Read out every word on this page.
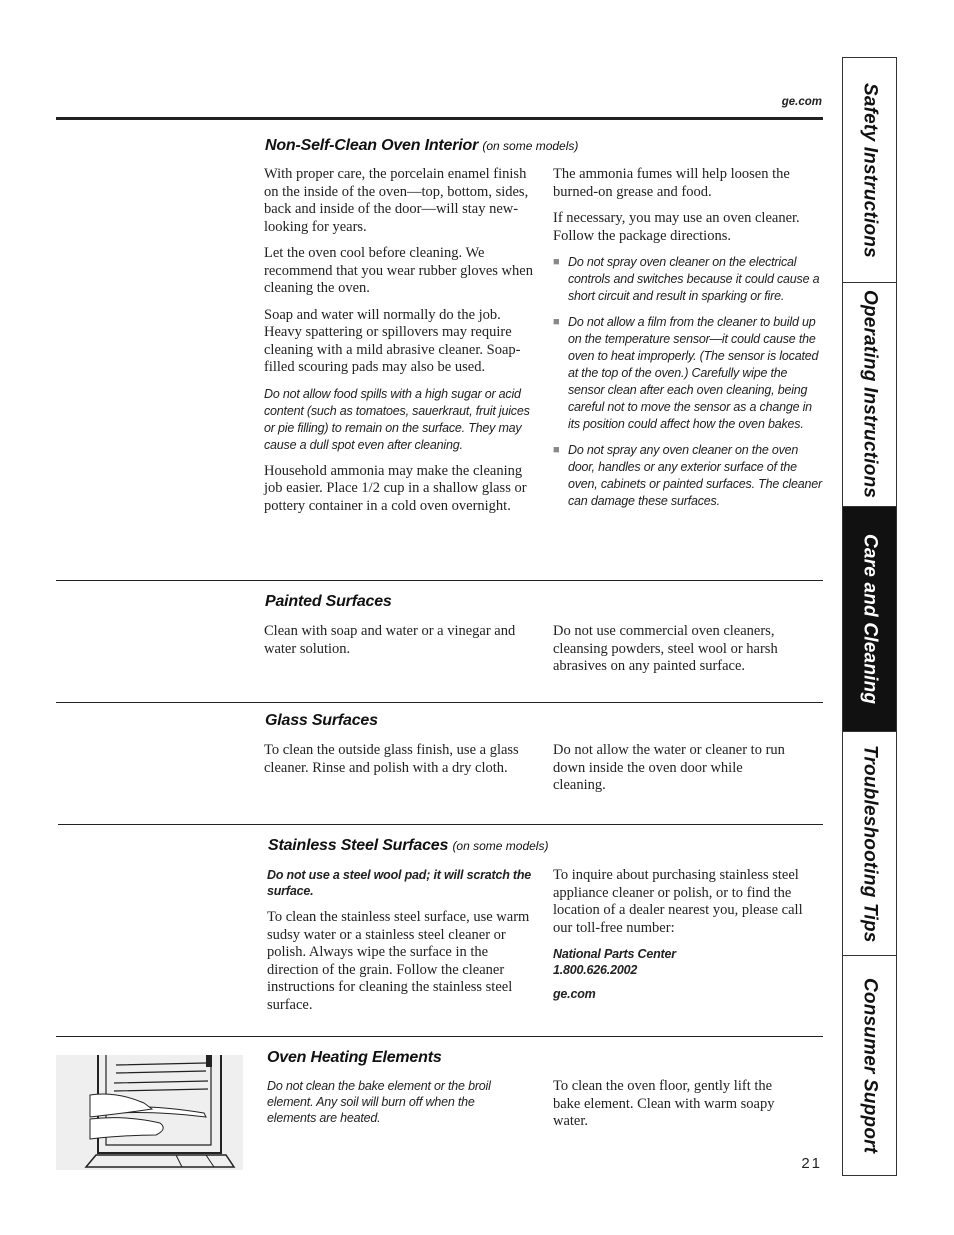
ge.com
Non-Self-Clean Oven Interior (on some models)

With proper care, the porcelain enamel finish on the inside of the oven—top, bottom, sides, back and inside of the door—will stay new-looking for years.

Let the oven cool before cleaning. We recommend that you wear rubber gloves when cleaning the oven.

Soap and water will normally do the job. Heavy spattering or spillovers may require cleaning with a mild abrasive cleaner. Soap-filled scouring pads may also be used.

Do not allow food spills with a high sugar or acid content (such as tomatoes, sauerkraut, fruit juices or pie filling) to remain on the surface. They may cause a dull spot even after cleaning.

Household ammonia may make the cleaning job easier. Place 1/2 cup in a shallow glass or pottery container in a cold oven overnight.

The ammonia fumes will help loosen the burned-on grease and food.

If necessary, you may use an oven cleaner. Follow the package directions.

■ Do not spray oven cleaner on the electrical controls and switches because it could cause a short circuit and result in sparking or fire.
■ Do not allow a film from the cleaner to build up on the temperature sensor—it could cause the oven to heat improperly. (The sensor is located at the top of the oven.) Carefully wipe the sensor clean after each oven cleaning, being careful not to move the sensor as a change in its position could affect how the oven bakes.
■ Do not spray any oven cleaner on the oven door, handles or any exterior surface of the oven, cabinets or painted surfaces. The cleaner can damage these surfaces.
Painted Surfaces
Clean with soap and water or a vinegar and water solution.
Do not use commercial oven cleaners, cleansing powders, steel wool or harsh abrasives on any painted surface.
Glass Surfaces
To clean the outside glass finish, use a glass cleaner. Rinse and polish with a dry cloth.
Do not allow the water or cleaner to run down inside the oven door while cleaning.
Stainless Steel Surfaces (on some models)

Do not use a steel wool pad; it will scratch the surface.

To clean the stainless steel surface, use warm sudsy water or a stainless steel cleaner or polish. Always wipe the surface in the direction of the grain. Follow the cleaner instructions for cleaning the stainless steel surface.

To inquire about purchasing stainless steel appliance cleaner or polish, or to find the location of a dealer nearest you, please call our toll-free number:

National Parts Center
1.800.626.2002
ge.com
Oven Heating Elements
Do not clean the bake element or the broil element. Any soil will burn off when the elements are heated.
To clean the oven floor, gently lift the bake element. Clean with warm soapy water.
21
Safety Instructions
Operating Instructions
Care and Cleaning
Troubleshooting Tips
Consumer Support
